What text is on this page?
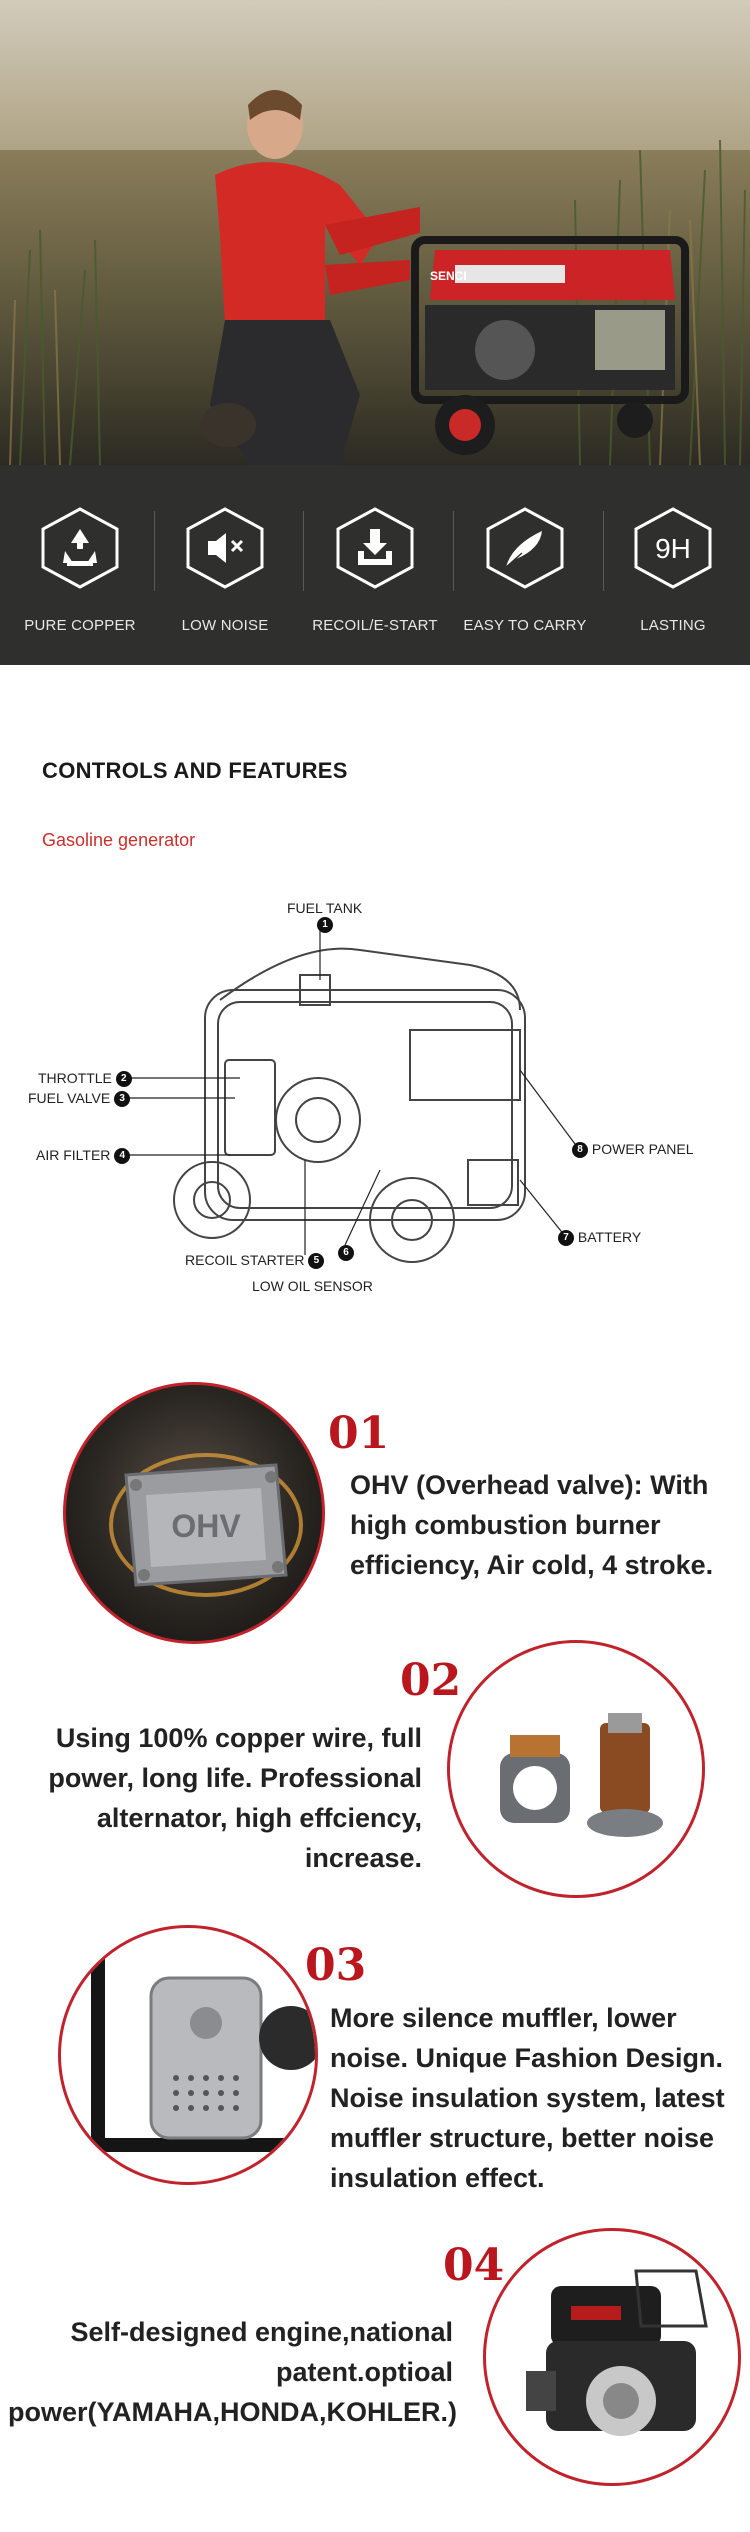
SENCI
PURE COPPER	LOW NOISE	RECOIL/E-START	EASY TO CARRY
9H
LASTING
CONTROLS AND FEATURES
Gasoline generator
FUEL TANK
1
THROTTLE 2
FUEL VALVE 3
AIR FILTER 4
RECOIL STARTER 5
LOW OIL SENSOR
6
7 BATTERY
8 POWER PANEL
OHV
01
OHV (Overhead valve): With
high combustion burner
efficiency, Air cold, 4 stroke.
02
Using 100% copper wire, full
power, long life. Professional
alternator, high effciency,
increase.
03
More silence muffler, lower
noise. Unique Fashion Design.
Noise insulation system, latest
muffler structure, better noise
insulation effect.
04
Self-designed engine,national
patent.optioal
power(YAMAHA,HONDA,KOHLER.)
